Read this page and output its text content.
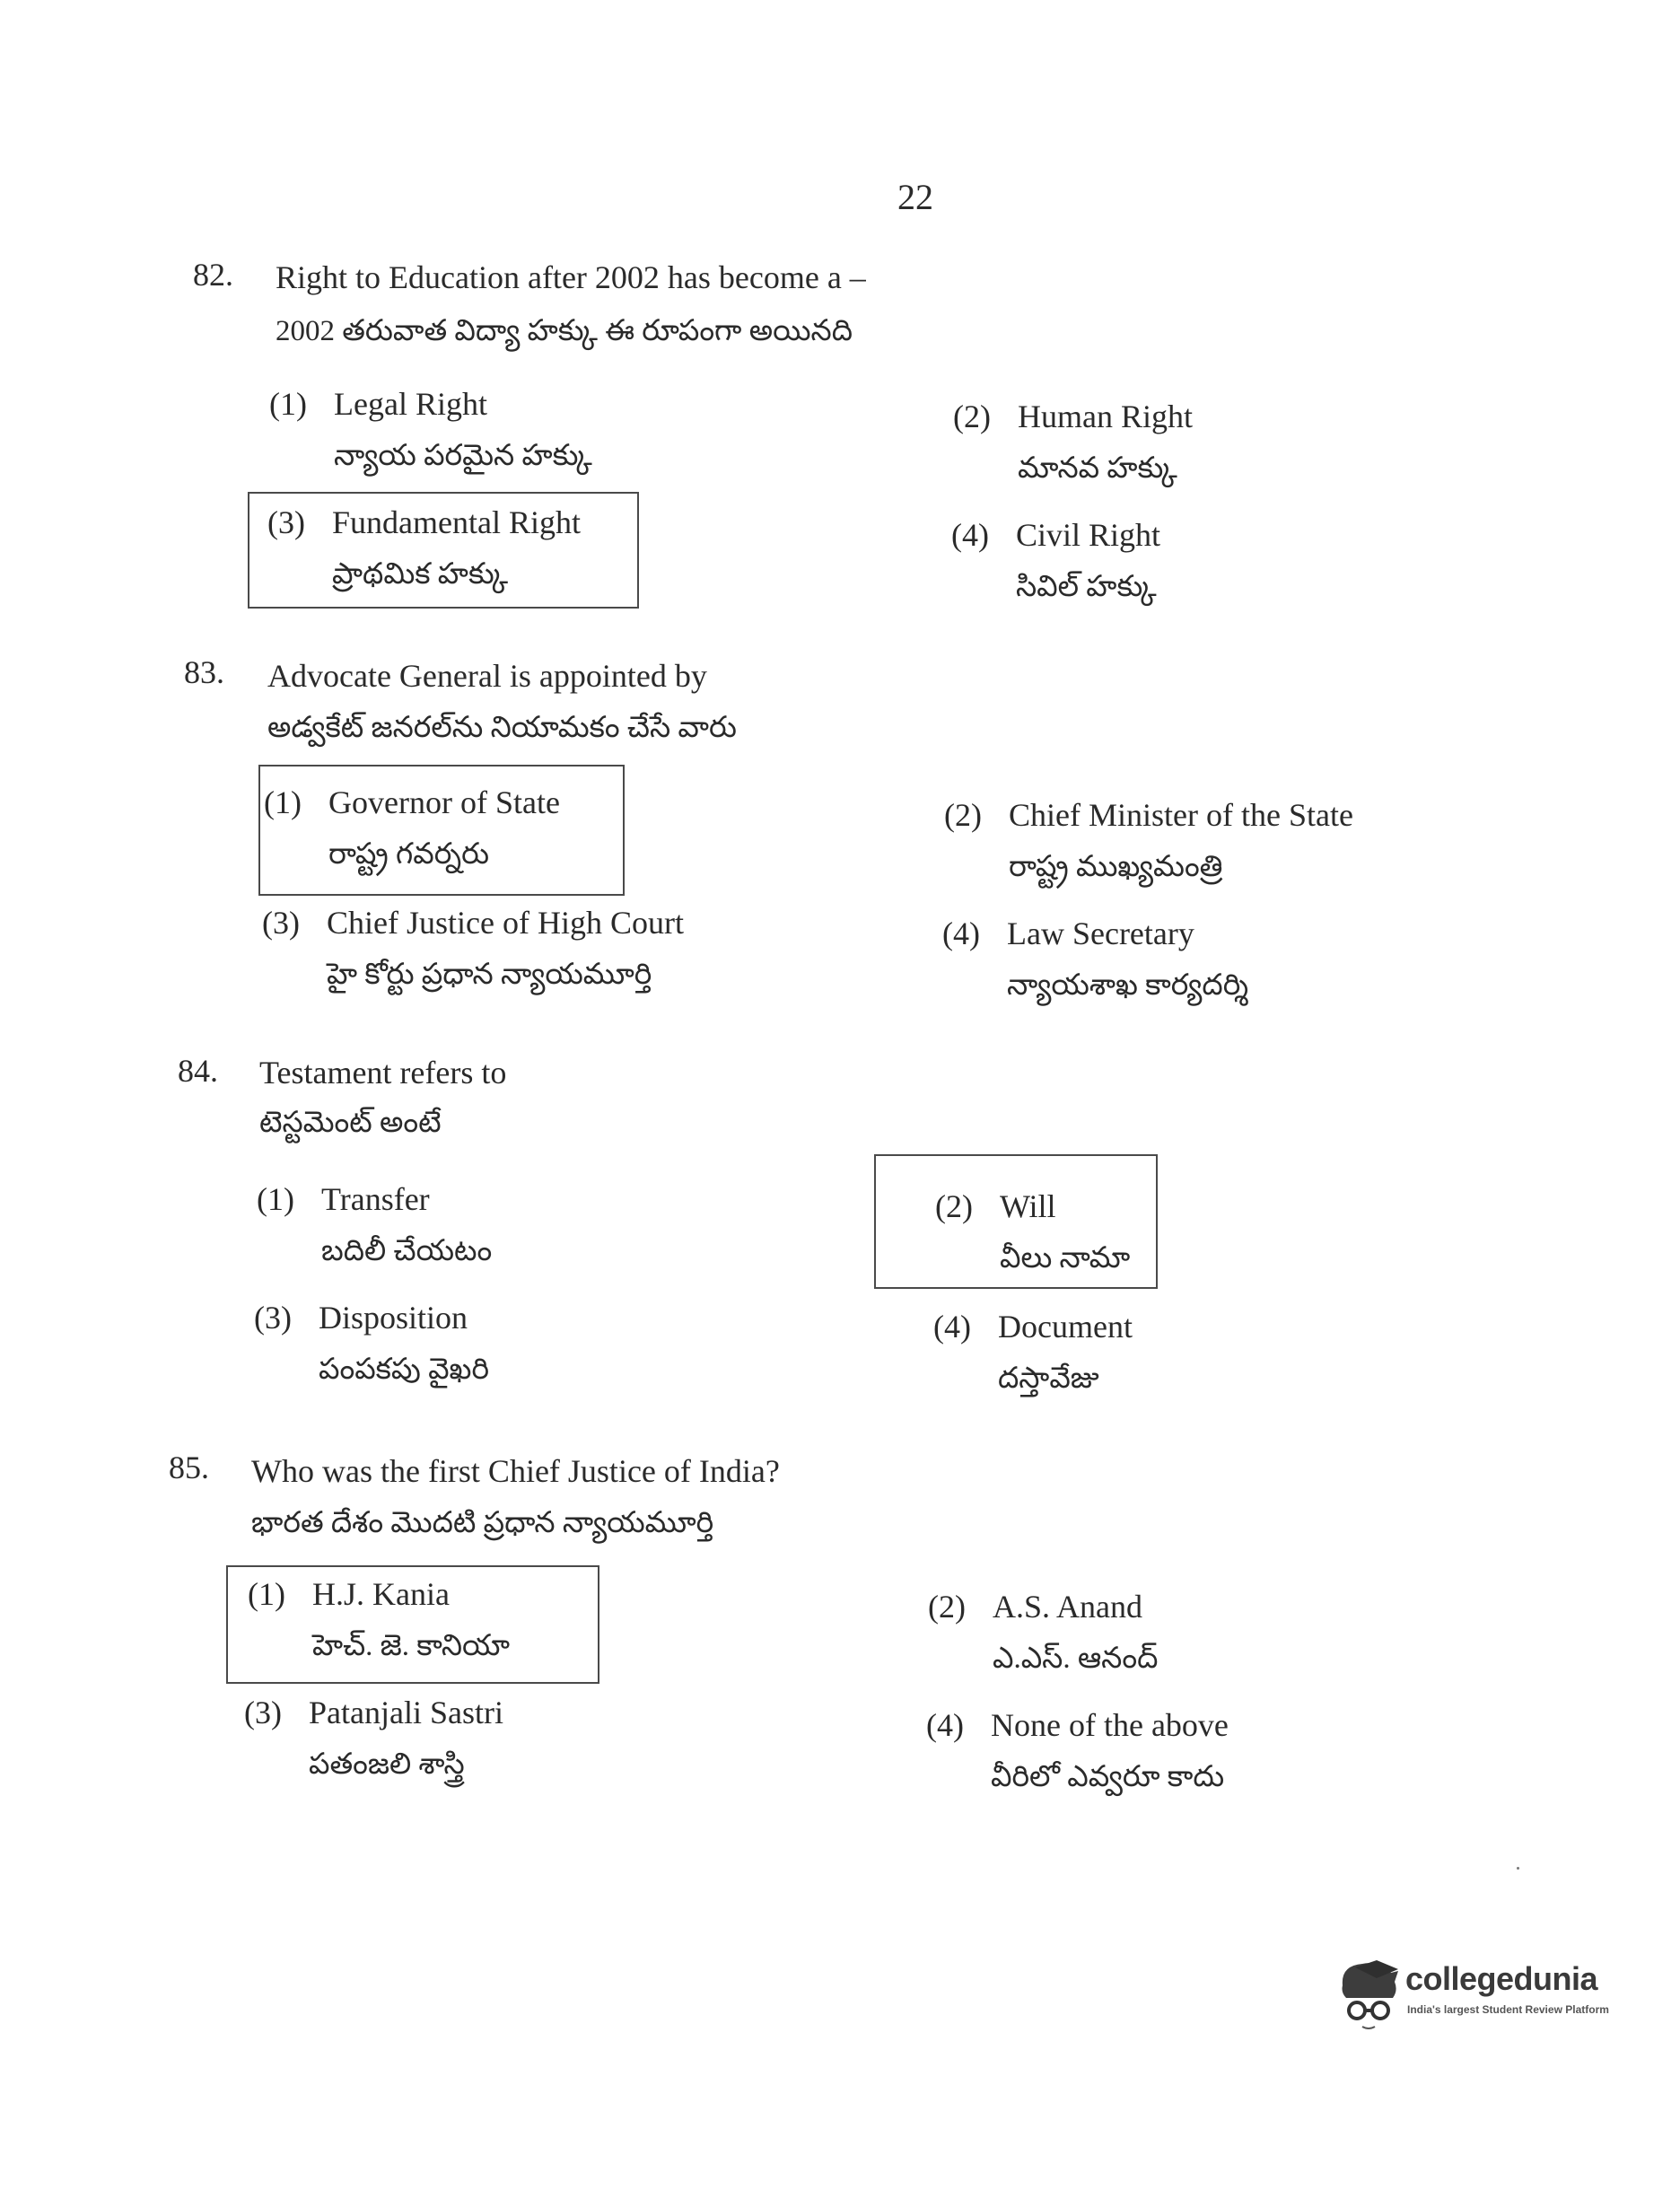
22
82. Right to Education after 2002 has become a –
2002 తరువాత విద్యా హక్కు ఈ రూపంగా అయినది
(1) Legal Right
న్యాయ పరమైన హక్కు
(2) Human Right
మానవ హక్కు
(3) Fundamental Right
ప్రాథమిక హక్కు
(4) Civil Right
సివిల్ హక్కు
83. Advocate General is appointed by
అడ్వకేట్ జనరల్‌ను నియామకం చేసే వారు
(1) Governor of State
రాష్ట్ర గవర్నరు
(2) Chief Minister of the State
రాష్ట్ర ముఖ్యమంత్రి
(3) Chief Justice of High Court
హై కోర్టు ప్రధాన న్యాయమూర్తి
(4) Law Secretary
న్యాయశాఖ కార్యదర్శి
84. Testament refers to
టెస్టమెంట్ అంటే
(1) Transfer
బదిలీ చేయటం
(2) Will
వీలు నామా
(3) Disposition
పంపకపు వైఖరి
(4) Document
దస్తావేజు
85. Who was the first Chief Justice of India?
భారత దేశం మొదటి ప్రధాన న్యాయమూర్తి
(1) H.J. Kania
హెచ్. జె. కానియా
(2) A.S. Anand
ఎ.ఎస్. ఆనంద్
(3) Patanjali Sastri
పతంజలి శాస్త్రి
(4) None of the above
వీరిలో ఎవ్వరూ కాదు
collegedunia
India's largest Student Review Platform
